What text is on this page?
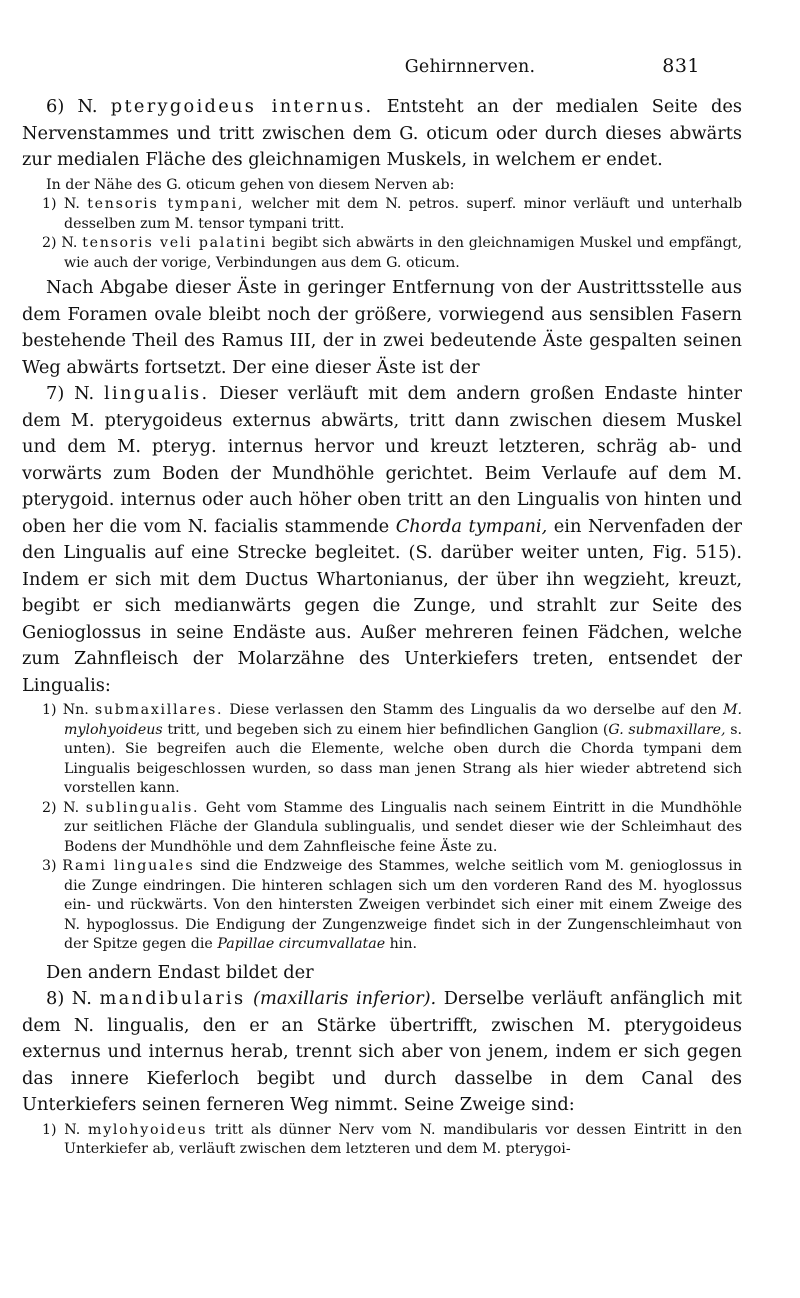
Gehirnnerven.	831

6) N. pterygoideus internus. Entsteht an der medialen Seite des Nervenstammes und tritt zwischen dem G. oticum oder durch dieses abwärts zur medialen Fläche des gleichnamigen Muskels, in welchem er endet.

In der Nähe des G. oticum gehen von diesem Nerven ab:

1) N. tensoris tympani, welcher mit dem N. petros. superf. minor verläuft und unterhalb desselben zum M. tensor tympani tritt.

2) N. tensoris veli palatini begibt sich abwärts in den gleichnamigen Muskel und empfängt, wie auch der vorige, Verbindungen aus dem G. oticum.

Nach Abgabe dieser Äste in geringer Entfernung von der Austrittsstelle aus dem Foramen ovale bleibt noch der größere, vorwiegend aus sensiblen Fasern bestehende Theil des Ramus III, der in zwei bedeutende Äste gespalten seinen Weg abwärts fortsetzt. Der eine dieser Äste ist der

7) N. lingualis. Dieser verläuft mit dem andern großen Endaste hinter dem M. pterygoideus externus abwärts, tritt dann zwischen diesem Muskel und dem M. pteryg. internus hervor und kreuzt letzteren, schräg ab- und vorwärts zum Boden der Mundhöhle gerichtet. Beim Verlaufe auf dem M. pterygoid. internus oder auch höher oben tritt an den Lingualis von hinten und oben her die vom N. facialis stammende Chorda tympani, ein Nervenfaden der den Lingualis auf eine Strecke begleitet. (S. darüber weiter unten, Fig. 515). Indem er sich mit dem Ductus Whartonianus, der über ihn wegzieht, kreuzt, begibt er sich medianwärts gegen die Zunge, und strahlt zur Seite des Genioglossus in seine Endäste aus. Außer mehreren feinen Fädchen, welche zum Zahnfleisch der Molarzähne des Unterkiefers treten, entsendet der Lingualis:

1) Nn. submaxillares. Diese verlassen den Stamm des Lingualis da wo derselbe auf den M. mylohyoideus tritt, und begeben sich zu einem hier befindlichen Ganglion (G. submaxillare, s. unten). Sie begreifen auch die Elemente, welche oben durch die Chorda tympani dem Lingualis beigeschlossen wurden, so dass man jenen Strang als hier wieder abtretend sich vorstellen kann.

2) N. sublingualis. Geht vom Stamme des Lingualis nach seinem Eintritt in die Mundhöhle zur seitlichen Fläche der Glandula sublingualis, und sendet dieser wie der Schleimhaut des Bodens der Mundhöhle und dem Zahnfleische feine Äste zu.

3) Rami linguales sind die Endzweige des Stammes, welche seitlich vom M. genioglossus in die Zunge eindringen. Die hinteren schlagen sich um den vorderen Rand des M. hyoglossus ein- und rückwärts. Von den hintersten Zweigen verbindet sich einer mit einem Zweige des N. hypoglossus. Die Endigung der Zungenzweige findet sich in der Zungenschleimhaut von der Spitze gegen die Papillae circumvallatae hin.

Den andern Endast bildet der

8) N. mandibularis (maxillaris inferior). Derselbe verläuft anfänglich mit dem N. lingualis, den er an Stärke übertrifft, zwischen M. pterygoideus externus und internus herab, trennt sich aber von jenem, indem er sich gegen das innere Kieferloch begibt und durch dasselbe in dem Canal des Unterkiefers seinen ferneren Weg nimmt. Seine Zweige sind:

1) N. mylohyoideus tritt als dünner Nerv vom N. mandibularis vor dessen Eintritt in den Unterkiefer ab, verläuft zwischen dem letzteren und dem M. pterygoi-
